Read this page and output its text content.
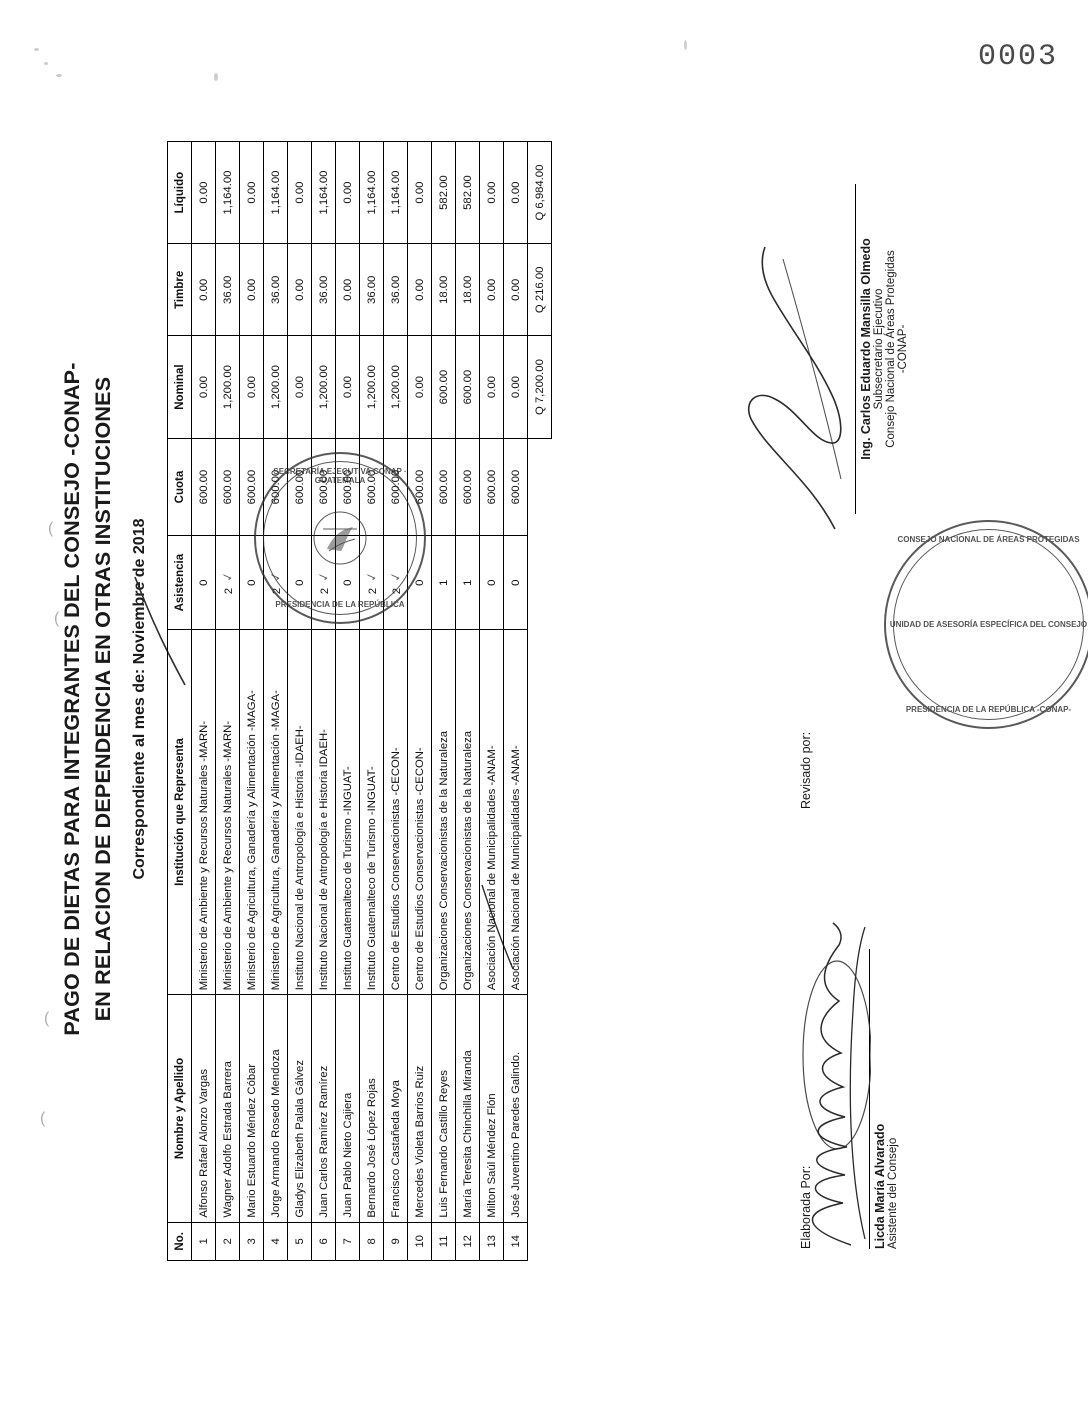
0003
(
(
(
(
PAGO DE DIETAS PARA INTEGRANTES DEL CONSEJO -CONAP- EN RELACION DE DEPENDENCIA EN OTRAS INSTITUCIONES Correspondiente al mes de: Noviembre de 2018
No.	Nombre y Apellido	Institución que Representa	Asistencia	Cuota	Nominal	Timbre	Líquido
1	Alfonso Rafael Alonzo Vargas	Ministerio de Ambiente y Recursos Naturales -MARN-	0	600.00	0.00	0.00	0.00
2	Wagner Adolfo Estrada Barrera	Ministerio de Ambiente y Recursos Naturales -MARN-	2✓	600.00	1,200.00	36.00	1,164.00
3	Mario Estuardo Méndez Cóbar	Ministerio de Agricultura, Ganadería y Alimentación -MAGA-	0	600.00	0.00	0.00	0.00
4	Jorge Armando Rosedo Mendoza	Ministerio de Agricultura, Ganadería y Alimentación -MAGA-	2✓	600.00	1,200.00	36.00	1,164.00
5	Gladys Elizabeth Palala Gálvez	Instituto Nacional de Antropología e Historia -IDAEH-	0	600.00	0.00	0.00	0.00
6	Juan Carlos Ramírez Ramírez	Instituto Nacional de Antropología e Historia IDAEH-	2✓	600.00	1,200.00	36.00	1,164.00
7	Juan Pablo Nieto Cajiera	Instituto Guatemalteco de Turismo -INGUAT-	0	600.00	0.00	0.00	0.00
8	Bernardo José López Rojas	Instituto Guatemalteco de Turismo -INGUAT-	2✓	600.00	1,200.00	36.00	1,164.00
9	Francisco Castañeda Moya	Centro de Estudios Conservacionistas -CECON-	2✓	600.00	1,200.00	36.00	1,164.00
10	Mercedes Violeta Barrios Ruiz	Centro de Estudios Conservacionistas -CECON-	0	600.00	0.00	0.00	0.00
11	Luis Fernando Castillo Reyes	Organizaciones Conservacionistas de la Naturaleza	1	600.00	600.00	18.00	582.00
12	María Teresita Chinchilla Miranda	Organizaciones Conservacionistas de la Naturaleza	1	600.00	600.00	18.00	582.00
13	Milton Saúl Méndez Flón	Asociación Nacional de Municipalidades -ANAM-	0	600.00	0.00	0.00	0.00
14	José Juventino Paredes Galindo.	Asociación Nacional de Municipalidades -ANAM-	0	600.00	0.00	0.00	0.00
					Q 7,200.00	Q 216.00	Q 6,984.00
Elaborada Por:	Licda María Alvarado Asistente del Consejo
Revisado por:
Ing. Carlos Eduardo Mansilla Olmedo Subsecretario Ejecutivo Consejo Nacional de Áreas Protegidas -CONAP-
SECRETARÍA EJECUTIVA CONAP · GUATEMALA
PRESIDENCIA DE LA REPÚBLICA
CONSEJO NACIONAL DE ÁREAS PROTEGIDAS
UNIDAD DE ASESORÍA ESPECÍFICA DEL CONSEJO
PRESIDENCIA DE LA REPÚBLICA -CONAP-
